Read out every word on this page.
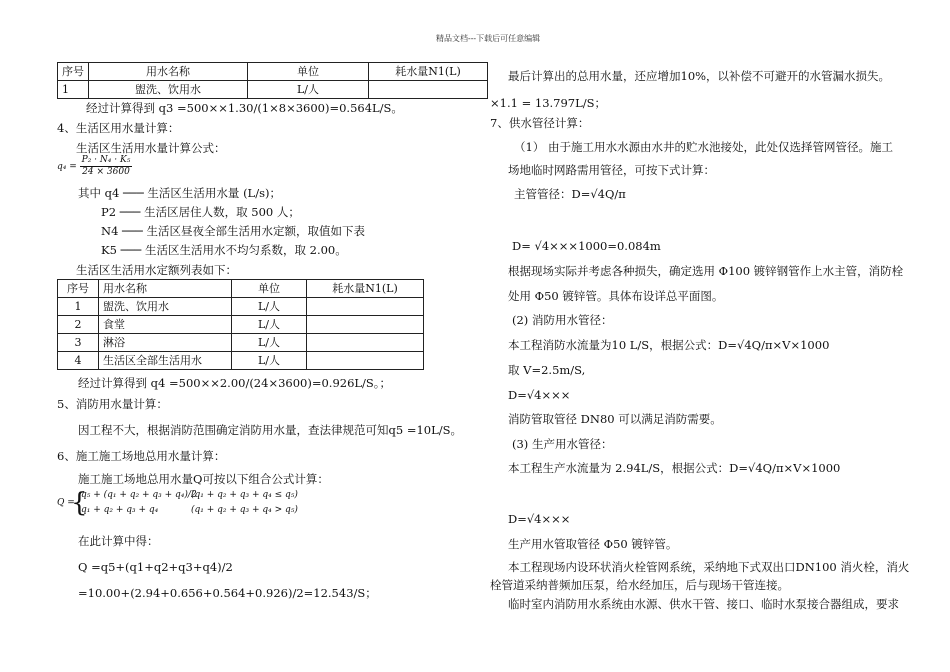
精品文档---下载后可任意编辑
序号	用水名称	单位	耗水量N1(L)
1	盥洗、饮用水	L/人	
经过计算得到 q3 =500××1.30/(1×8×3600)=0.564L/S。
4、生活区用水量计算：
生活区生活用水量计算公式：
$q_4 = \frac{\text{P₂ · N₄ · K₅}}{24 \times 3600}$
其中 q4 ─── 生活区生活用水量 (L/s)；
P2 ─── 生活区居住人数，取 500 人；
N4 ─── 生活区昼夜全部生活用水定额，取值如下表
K5 ─── 生活区生活用水不均匀系数，取 2.00。
生活区生活用水定额列表如下：
序号	用水名称	单位	耗水量N1(L)
1	盥洗、饮用水	L/人	
2	食堂	L/人	
3	淋浴	L/人	
4	生活区全部生活用水	L/人	
经过计算得到 q4 =500××2.00/(24×3600)=0.926L/S。；
5、消防用水量计算：
因工程不大，根据消防范围确定消防用水量，查法律规范可知q5 =10L/S。
6、施工施工场地总用水量计算：
施工施工场地总用水量Q可按以下组合公式计算：
Q =
{
q₅ + (q₁ + q₂ + q₃ + q₄)/2
(q₁ + q₂ + q₃ + q₄ ≤ q₅)
q₁ + q₂ + q₃ + q₄	(q₁ + q₂ + q₃ + q₄ > q₅)
在此计算中得：
Q =q5+(q1+q2+q3+q4)/2
=10.00+(2.94+0.656+0.564+0.926)/2=12.543/S；
最后计算出的总用水量，还应增加10%，以补偿不可避开的水管漏水损失。
×1.1 = 13.797L/S；
7、供水管径计算：
（1） 由于施工用水水源由水井的贮水池接处，此处仅选择管网管径。施工
场地临时网路需用管径，可按下式计算：
主管管径：D=√4Q/π
D= √4×××1000=0.084m
根据现场实际并考虑各种损失，确定选用 Φ100 镀锌钢管作上水主管，消防栓
处用 Φ50 镀锌管。具体布设详总平面图。
(2) 消防用水管径：
本工程消防水流量为10 L/S，根据公式：D=√4Q/π×V×1000
取 V=2.5m/S,
D=√4×××
消防管取管径 DN80 可以满足消防需要。
(3) 生产用水管径：
本工程生产水流量为 2.94L/S，根据公式：D=√4Q/π×V×1000
D=√4×××
生产用水管取管径 Φ50 镀锌管。
本工程现场内设环状消火栓管网系统，采纳地下式双出口DN100 消火栓，消火
栓管道采纳普频加压泵，给水经加压，后与现场干管连接。
临时室内消防用水系统由水源、供水干管、接口、临时水泵接合器组成，要求
